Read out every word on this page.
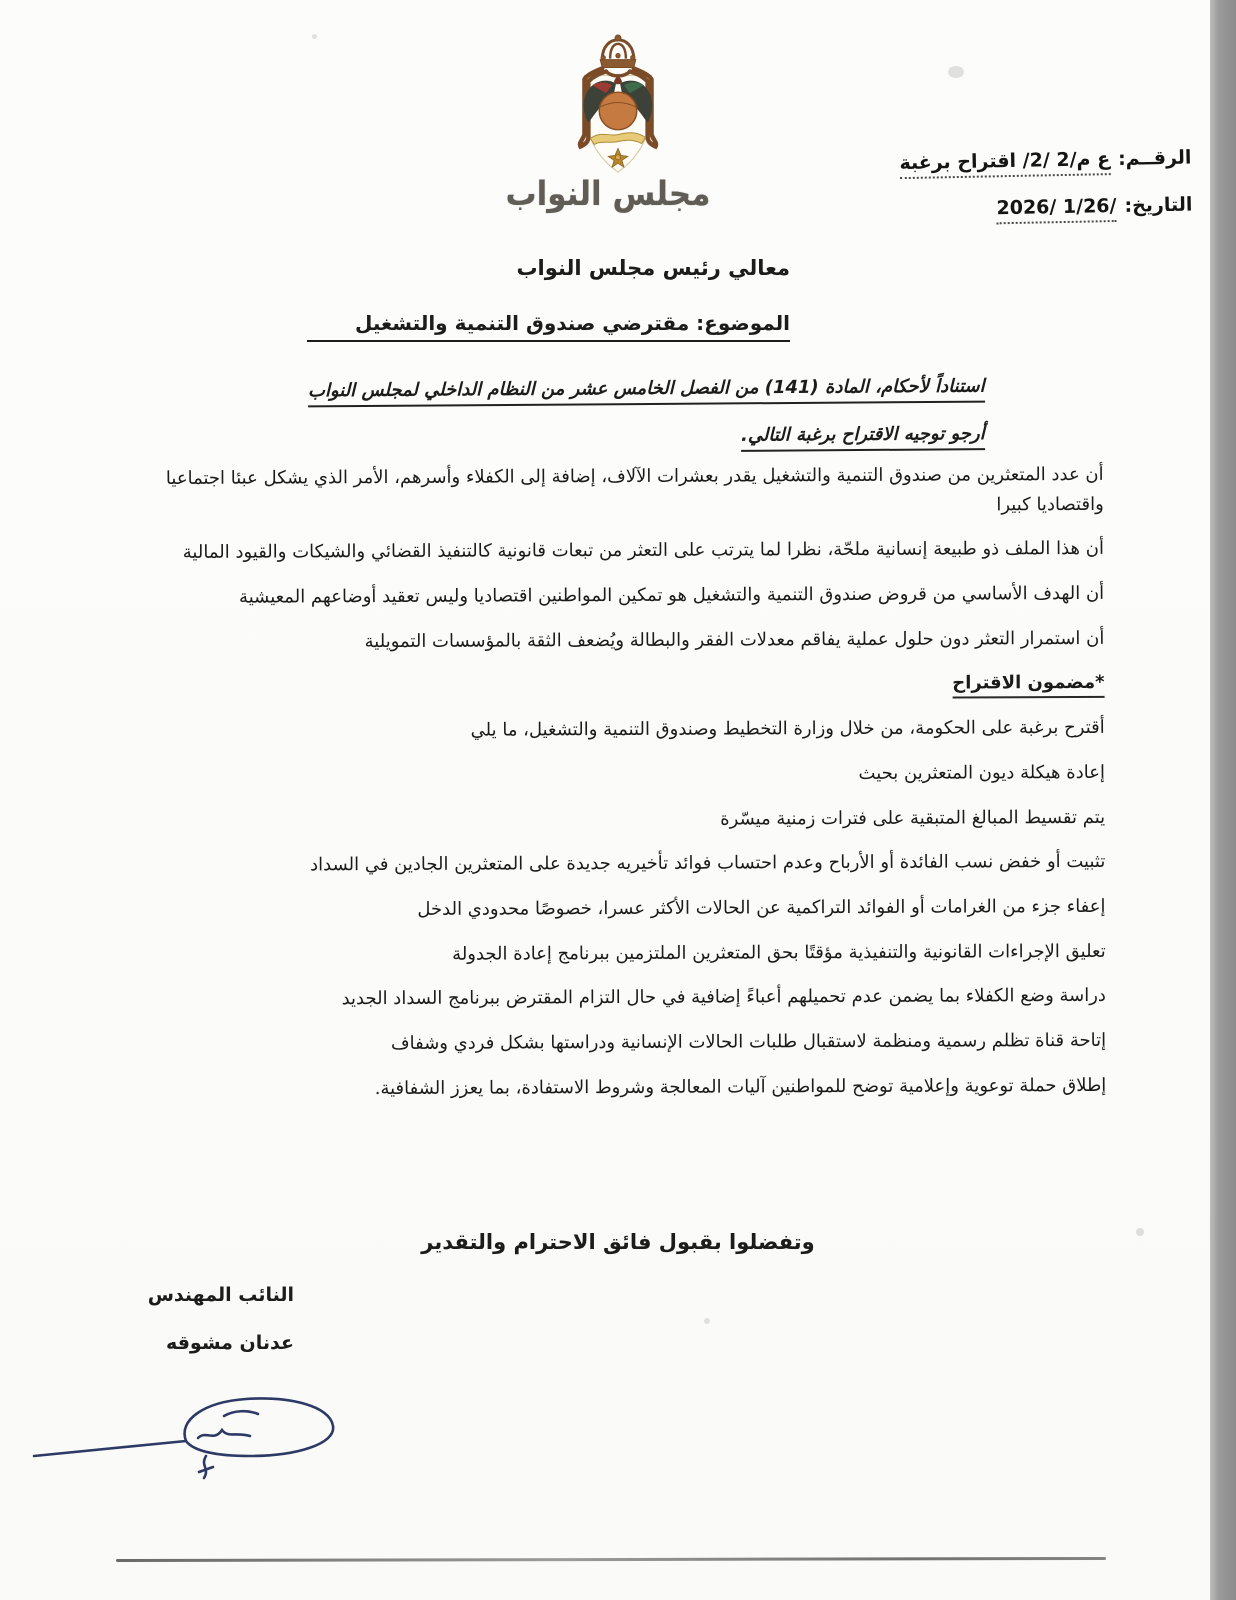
مجلس النواب
الرقــم:
ع م/2 /2/ اقتراح برغبة
التاريخ:
2026/ 1/26/
معالي رئيس مجلس النواب
الموضوع: مقترضي صندوق التنمية والتشغيل
استناداً لأحكام، المادة (141) من الفصل الخامس عشر من النظام الداخلي لمجلس النواب
أرجو توجيه الاقتراح برغبة التالي.

أن عدد المتعثرين من صندوق التنمية والتشغيل يقدر بعشرات الآلاف، إضافة إلى الكفلاء وأسرهم، الأمر الذي يشكل عبئا اجتماعيا واقتصاديا كبيرا

أن هذا الملف ذو طبيعة إنسانية ملحّة، نظرا لما يترتب على التعثر من تبعات قانونية كالتنفيذ القضائي والشيكات والقيود المالية

أن الهدف الأساسي من قروض صندوق التنمية والتشغيل هو تمكين المواطنين اقتصاديا وليس تعقيد أوضاعهم المعيشية

أن استمرار التعثر دون حلول عملية يفاقم معدلات الفقر والبطالة ويُضعف الثقة بالمؤسسات التمويلية

*مضمون الاقتراح

أقترح برغبة على الحكومة، من خلال وزارة التخطيط وصندوق التنمية والتشغيل، ما يلي

إعادة هيكلة ديون المتعثرين بحيث

يتم تقسيط المبالغ المتبقية على فترات زمنية ميسّرة

تثبيت أو خفض نسب الفائدة أو الأرباح وعدم احتساب فوائد تأخيريه جديدة على المتعثرين الجادين في السداد

إعفاء جزء من الغرامات أو الفوائد التراكمية عن الحالات الأكثر عسرا، خصوصًا محدودي الدخل

تعليق الإجراءات القانونية والتنفيذية مؤقتًا بحق المتعثرين الملتزمين ببرنامج إعادة الجدولة

دراسة وضع الكفلاء بما يضمن عدم تحميلهم أعباءً إضافية في حال التزام المقترض ببرنامج السداد الجديد

إتاحة قناة تظلم رسمية ومنظمة لاستقبال طلبات الحالات الإنسانية ودراستها بشكل فردي وشفاف

إطلاق حملة توعوية وإعلامية توضح للمواطنين آليات المعالجة وشروط الاستفادة، بما يعزز الشفافية.

وتفضلوا بقبول فائق الاحترام والتقدير
النائب المهندس
عدنان مشوقه
